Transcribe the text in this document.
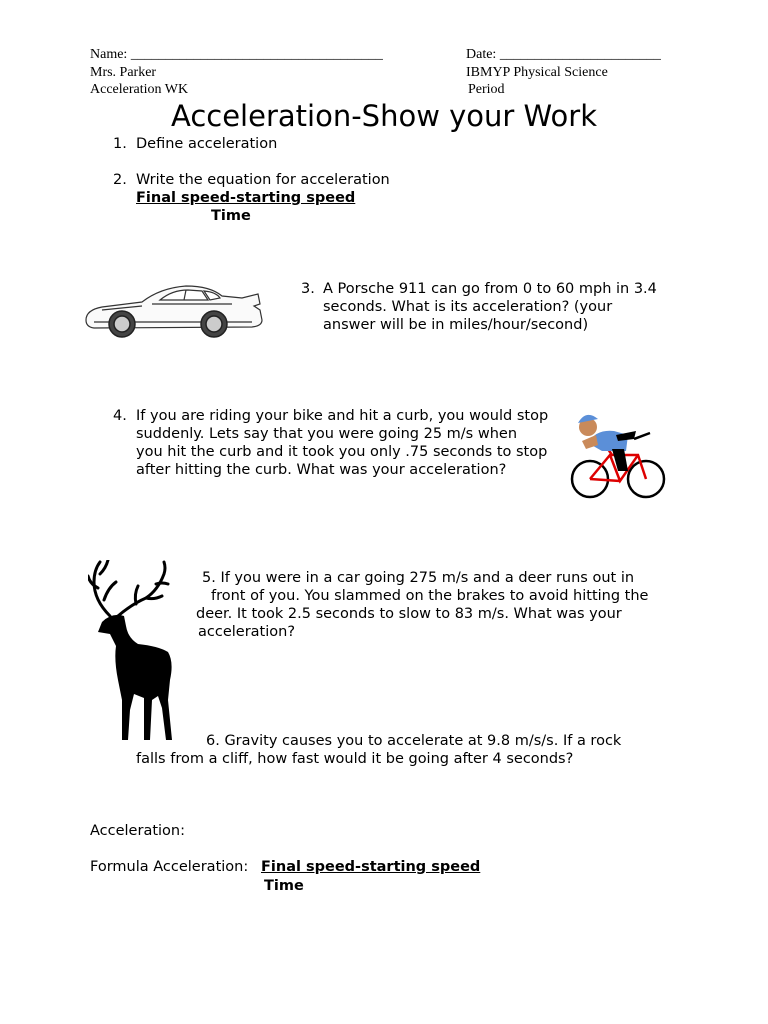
Name: ____________________________________	Date: _______________________
Mrs. Parker	IBMYP Physical Science
Acceleration WK	Period
Acceleration-Show your Work
1. Define acceleration
2. Write the equation for acceleration
Final speed-starting speed
Time
3. A Porsche 911 can go from 0 to 60 mph in 3.4
seconds. What is its acceleration? (your
answer will be in miles/hour/second)
4. If you are riding your bike and hit a curb, you would stop
suddenly. Lets say that you were going 25 m/s when
you hit the curb and it took you only .75 seconds to stop
after hitting the curb. What was your acceleration?
5. If you were in a car going 275 m/s and a deer runs out in
front of you. You slammed on the brakes to avoid hitting the
deer. It took 2.5 seconds to slow to 83 m/s. What was your
acceleration?
6. Gravity causes you to accelerate at 9.8 m/s/s. If a rock
falls from a cliff, how fast would it be going after 4 seconds?
Acceleration:
Formula Acceleration: Final speed-starting speed
Time
